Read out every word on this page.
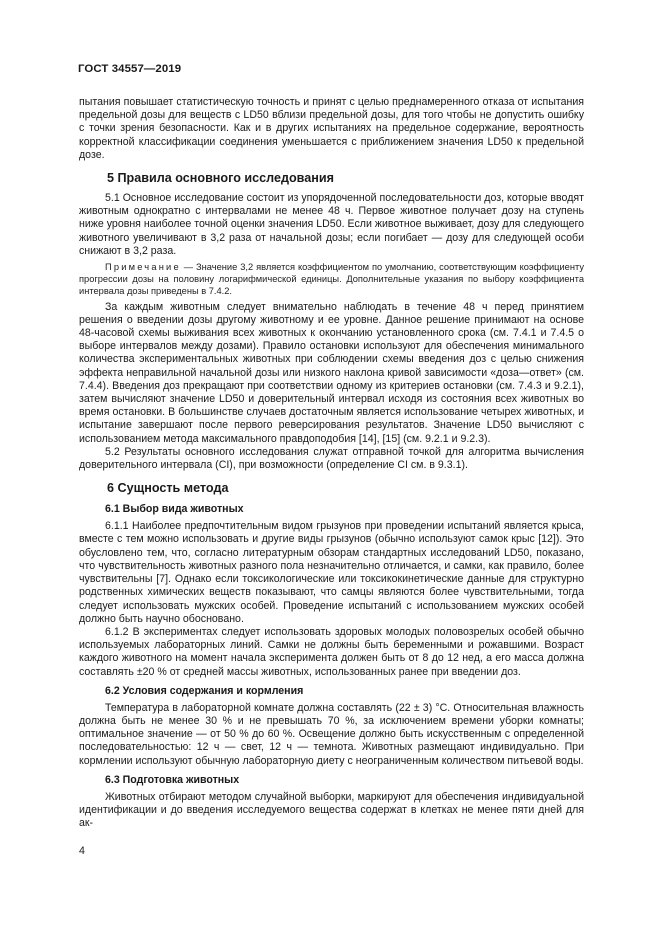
ГОСТ 34557—2019

пытания повышает статистическую точность и принят с целью преднамеренного отказа от испытания предельной дозы для веществ с LD50 вблизи предельной дозы, для того чтобы не допустить ошибку с точки зрения безопасности. Как и в других испытаниях на предельное содержание, вероятность корректной классификации соединения уменьшается с приближением значения LD50 к предельной дозе.

5 Правила основного исследования

5.1 Основное исследование состоит из упорядоченной последовательности доз, которые вводят животным однократно с интервалами не менее 48 ч. Первое животное получает дозу на ступень ниже уровня наиболее точной оценки значения LD50. Если животное выживает, дозу для следующего животного увеличивают в 3,2 раза от начальной дозы; если погибает — дозу для следующей особи снижают в 3,2 раза.

Примечание — Значение 3,2 является коэффициентом по умолчанию, соответствующим коэффициенту прогрессии дозы на половину логарифмической единицы. Дополнительные указания по выбору коэффициента интервала дозы приведены в 7.4.2.

За каждым животным следует внимательно наблюдать в течение 48 ч перед принятием решения о введении дозы другому животному и ее уровне. Данное решение принимают на основе 48-часовой схемы выживания всех животных к окончанию установленного срока (см. 7.4.1 и 7.4.5 о выборе интервалов между дозами). Правило остановки используют для обеспечения минимального количества экспериментальных животных при соблюдении схемы введения доз с целью снижения эффекта неправильной начальной дозы или низкого наклона кривой зависимости «доза—ответ» (см. 7.4.4). Введения доз прекращают при соответствии одному из критериев остановки (см. 7.4.3 и 9.2.1), затем вычисляют значение LD50 и доверительный интервал исходя из состояния всех животных во время остановки. В большинстве случаев достаточным является использование четырех животных, и испытание завершают после первого реверсирования результатов. Значение LD50 вычисляют с использованием метода максимального правдоподобия [14], [15] (см. 9.2.1 и 9.2.3).

5.2 Результаты основного исследования служат отправной точкой для алгоритма вычисления доверительного интервала (CI), при возможности (определение CI см. в 9.3.1).

6 Сущность метода
6.1 Выбор вида животных

6.1.1 Наиболее предпочтительным видом грызунов при проведении испытаний является крыса, вместе с тем можно использовать и другие виды грызунов (обычно используют самок крыс [12]). Это обусловлено тем, что, согласно литературным обзорам стандартных исследований LD50, показано, что чувствительность животных разного пола незначительно отличается, и самки, как правило, более чувствительны [7]. Однако если токсикологические или токсикокинетические данные для структурно родственных химических веществ показывают, что самцы являются более чувствительными, тогда следует использовать мужских особей. Проведение испытаний с использованием мужских особей должно быть научно обосновано.

6.1.2 В экспериментах следует использовать здоровых молодых половозрелых особей обычно используемых лабораторных линий. Самки не должны быть беременными и рожавшими. Возраст каждого животного на момент начала эксперимента должен быть от 8 до 12 нед, а его масса должна составлять ±20 % от средней массы животных, использованных ранее при введении доз.

6.2 Условия содержания и кормления

Температура в лабораторной комнате должна составлять (22 ± 3) °С. Относительная влажность должна быть не менее 30 % и не превышать 70 %, за исключением времени уборки комнаты; оптимальное значение — от 50 % до 60 %. Освещение должно быть искусственным с определенной последовательностью: 12 ч — свет, 12 ч — темнота. Животных размещают индивидуально. При кормлении используют обычную лабораторную диету с неограниченным количеством питьевой воды.

6.3 Подготовка животных

Животных отбирают методом случайной выборки, маркируют для обеспечения индивидуальной идентификации и до введения исследуемого вещества содержат в клетках не менее пяти дней для ак-

4
